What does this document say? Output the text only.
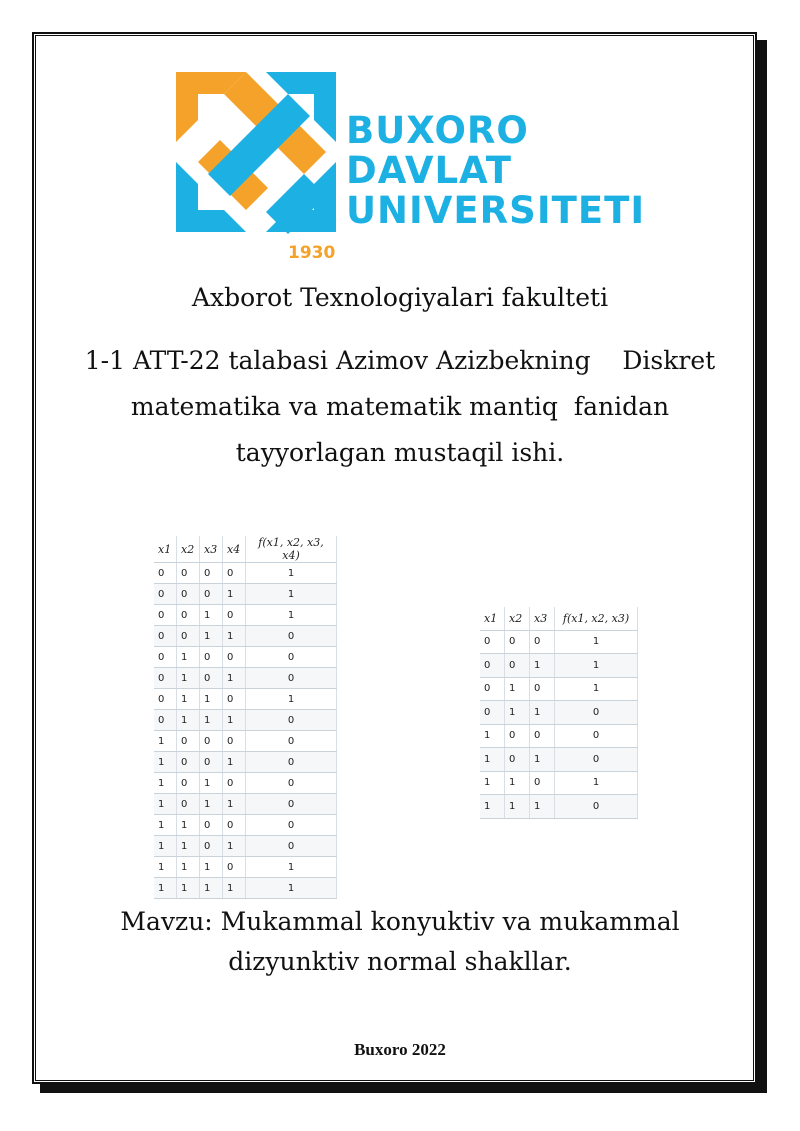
BUXORO
DAVLAT
UNIVERSITETI
1930
Axborot Texnologiyalari fakulteti
1-1 ATT-22 talabasi Azimov Azizbekning    Diskret
matematika va matematik mantiq  fanidan
tayyorlagan mustaqil ishi.
x1	x2	x3	x4	f(x1, x2, x3, x4)
0	0	0	0	1
0	0	0	1	1
0	0	1	0	1
0	0	1	1	0
0	1	0	0	0
0	1	0	1	0
0	1	1	0	1
0	1	1	1	0
1	0	0	0	0
1	0	0	1	0
1	0	1	0	0
1	0	1	1	0
1	1	0	0	0
1	1	0	1	0
1	1	1	0	1
1	1	1	1	1
x1	x2	x3	f(x1, x2, x3)
0	0	0	1
0	0	1	1
0	1	0	1
0	1	1	0
1	0	0	0
1	0	1	0
1	1	0	1
1	1	1	0
Mavzu: Mukammal konyuktiv va mukammal
dizyunktiv normal shakllar.
Buxoro 2022
